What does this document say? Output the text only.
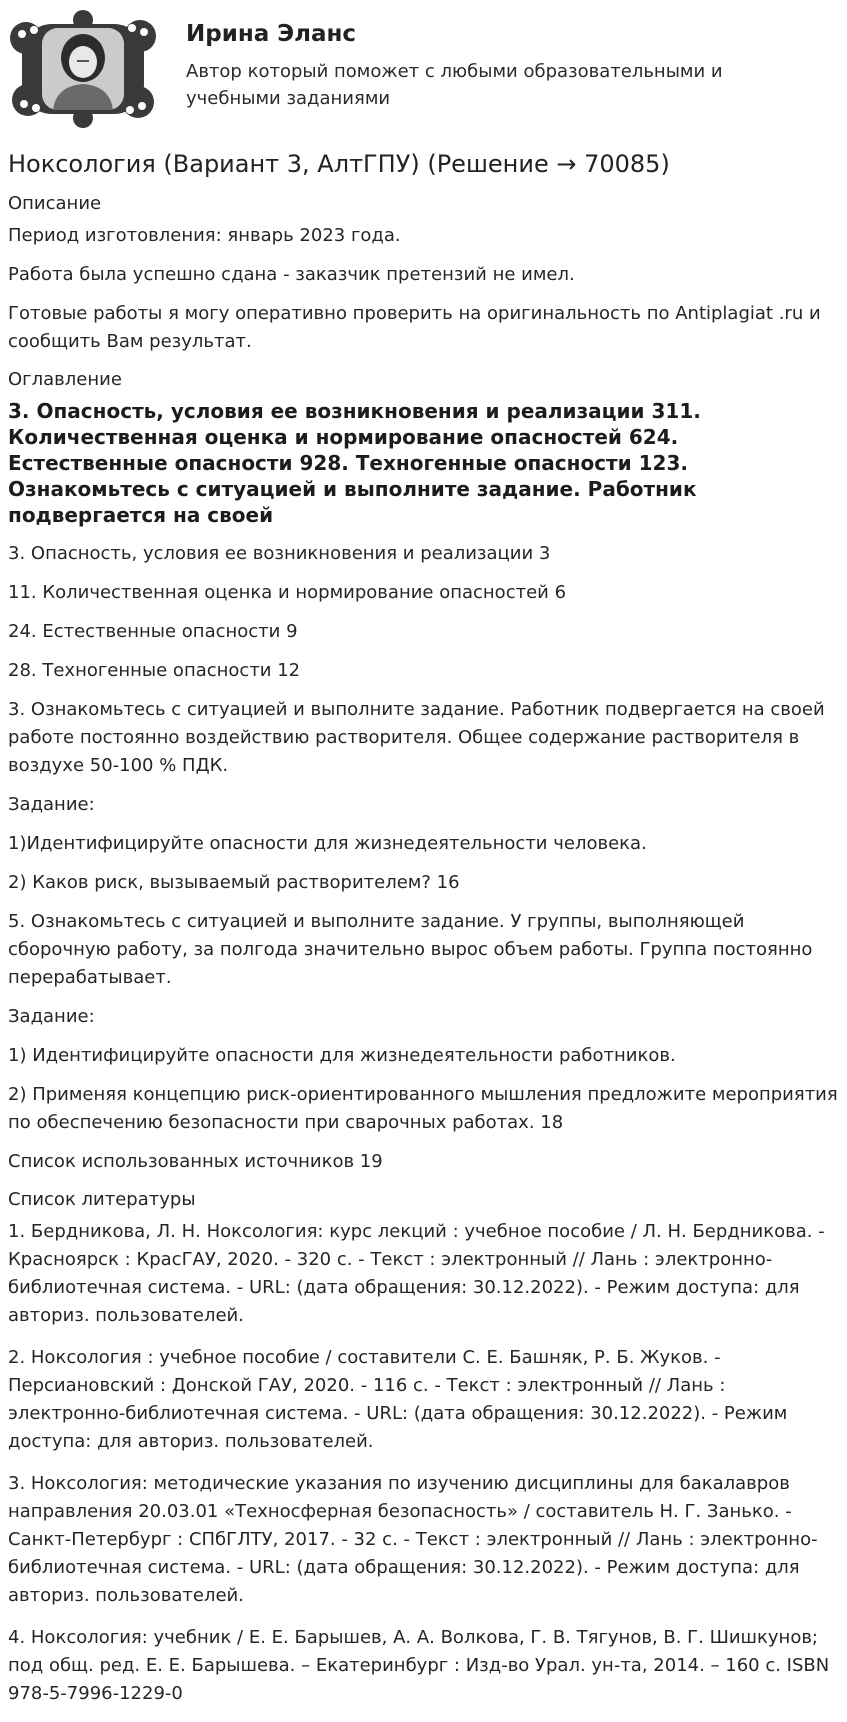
Ирина Эланс
Автор который поможет с любыми образовательными и учебными заданиями
Ноксология (Вариант 3, АлтГПУ) (Решение → 70085)
Описание

Период изготовления: январь 2023 года.

Работа была успешно сдана - заказчик претензий не имел.

Готовые работы я могу оперативно проверить на оригинальность по Antiplagiat .ru и сообщить Вам результат.

Оглавление
3. Опасность, условия ее возникновения и реализации 311. Количественная оценка и нормирование опасностей 624. Естественные опасности 928. Техногенные опасности 123. Ознакомьтесь с ситуацией и выполните задание. Работник подвергается на своей

3. Опасность, условия ее возникновения и реализации 3

11. Количественная оценка и нормирование опасностей 6

24. Естественные опасности 9

28. Техногенные опасности 12

3. Ознакомьтесь с ситуацией и выполните задание. Работник подвергается на своей работе постоянно воздействию растворителя. Общее содержание растворителя в воздухе 50-100 % ПДК.

Задание:

1)Идентифицируйте опасности для жизнедеятельности человека.

2) Каков риск, вызываемый растворителем? 16

5. Ознакомьтесь с ситуацией и выполните задание. У группы, выполняющей сборочную работу, за полгода значительно вырос объем работы. Группа постоянно перерабатывает.

Задание:

1) Идентифицируйте опасности для жизнедеятельности работников.

2) Применяя концепцию риск-ориентированного мышления предложите мероприятия по обеспечению безопасности при сварочных работах. 18

Список использованных источников 19

Список литературы

1. Бердникова, Л. Н. Ноксология: курс лекций : учебное пособие / Л. Н. Бердникова. - Красноярск : КрасГАУ, 2020. - 320 с. - Текст : электронный // Лань : электронно-библиотечная система. - URL: (дата обращения: 30.12.2022). - Режим доступа: для авториз. пользователей.

2. Ноксология : учебное пособие / составители С. Е. Башняк, Р. Б. Жуков. - Персиановский : Донской ГАУ, 2020. - 116 с. - Текст : электронный // Лань : электронно-библиотечная система. - URL: (дата обращения: 30.12.2022). - Режим доступа: для авториз. пользователей.

3. Ноксология: методические указания по изучению дисциплины для бакалавров направления 20.03.01 «Техносферная безопасность» / составитель Н. Г. Занько. - Санкт-Петербург : СПбГЛТУ, 2017. - 32 с. - Текст : электронный // Лань : электронно-библиотечная система. - URL: (дата обращения: 30.12.2022). - Режим доступа: для авториз. пользователей.

4. Ноксология: учебник / Е. Е. Барышев, А. А. Волкова, Г. В. Тягунов, В. Г. Шишкунов; под общ. ред. Е. Е. Барышева. – Екатеринбург : Изд-во Урал. ун-та, 2014. – 160 с. ISBN 978-5-7996-1229-0
